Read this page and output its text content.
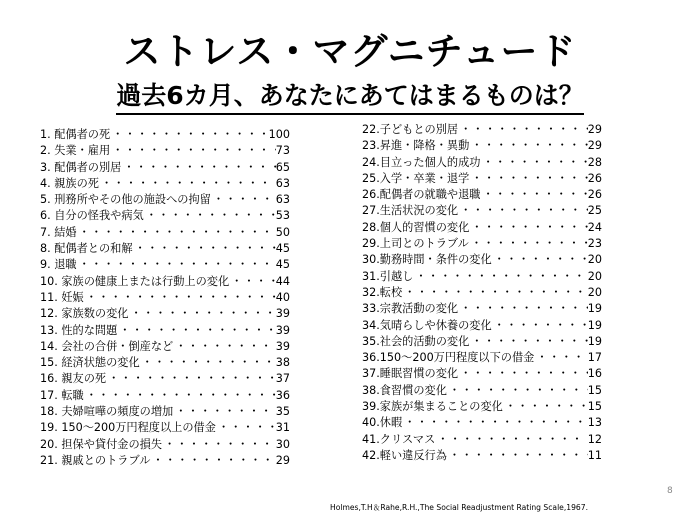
ストレス・マグニチュード
過去6カ月、あなたにあてはまるものは？
1. 配偶者の死 ・・・・・・・・・・・・・・・・・・・・・・・・・・・・・・・・・・・・・・・・	100
2. 失業・雇用 ・・・・・・・・・・・・・・・・・・・・・・・・・・・・・・・・・・・・・・・・	73
3. 配偶者の別居 ・・・・・・・・・・・・・・・・・・・・・・・・・・・・・・・・・・・・・・・・	65
4. 親族の死 ・・・・・・・・・・・・・・・・・・・・・・・・・・・・・・・・・・・・・・・・	63
5. 刑務所やその他の施設への拘留 ・・・・・・・・・・・・・・・・・・・・・・・・・・・・・・・・・・・・・・・・	63
6. 自分の怪我や病気 ・・・・・・・・・・・・・・・・・・・・・・・・・・・・・・・・・・・・・・・・	53
7. 結婚 ・・・・・・・・・・・・・・・・・・・・・・・・・・・・・・・・・・・・・・・・	50
8. 配偶者との和解 ・・・・・・・・・・・・・・・・・・・・・・・・・・・・・・・・・・・・・・・・	45
9. 退職 ・・・・・・・・・・・・・・・・・・・・・・・・・・・・・・・・・・・・・・・・	45
10. 家族の健康上または行動上の変化 ・・・・・・・・・・・・・・・・・・・・・・・・・・・・・・・・・・・・・・・・	44
11. 妊娠 ・・・・・・・・・・・・・・・・・・・・・・・・・・・・・・・・・・・・・・・・	40
12. 家族数の変化 ・・・・・・・・・・・・・・・・・・・・・・・・・・・・・・・・・・・・・・・・	39
13. 性的な問題 ・・・・・・・・・・・・・・・・・・・・・・・・・・・・・・・・・・・・・・・・	39
14. 会社の合併・倒産など ・・・・・・・・・・・・・・・・・・・・・・・・・・・・・・・・・・・・・・・・	39
15. 経済状態の変化 ・・・・・・・・・・・・・・・・・・・・・・・・・・・・・・・・・・・・・・・・	38
16. 親友の死 ・・・・・・・・・・・・・・・・・・・・・・・・・・・・・・・・・・・・・・・・	37
17. 転職 ・・・・・・・・・・・・・・・・・・・・・・・・・・・・・・・・・・・・・・・・	36
18. 夫婦喧嘩の頻度の増加 ・・・・・・・・・・・・・・・・・・・・・・・・・・・・・・・・・・・・・・・・	35
19. 150～200万円程度以上の借金 ・・・・・・・・・・・・・・・・・・・・・・・・・・・・・・・・・・・・・・・・	31
20. 担保や貸付金の損失 ・・・・・・・・・・・・・・・・・・・・・・・・・・・・・・・・・・・・・・・・	30
21. 親戚とのトラブル ・・・・・・・・・・・・・・・・・・・・・・・・・・・・・・・・・・・・・・・・	29
22.子どもとの別居 ・・・・・・・・・・・・・・・・・・・・・・・・・・・・・・・・・・・・・・・・	29
23.昇進・降格・異動 ・・・・・・・・・・・・・・・・・・・・・・・・・・・・・・・・・・・・・・・・	29
24.目立った個人的成功 ・・・・・・・・・・・・・・・・・・・・・・・・・・・・・・・・・・・・・・・・	28
25.入学・卒業・退学 ・・・・・・・・・・・・・・・・・・・・・・・・・・・・・・・・・・・・・・・・	26
26.配偶者の就職や退職 ・・・・・・・・・・・・・・・・・・・・・・・・・・・・・・・・・・・・・・・・	26
27.生活状況の変化 ・・・・・・・・・・・・・・・・・・・・・・・・・・・・・・・・・・・・・・・・	25
28.個人的習慣の変化 ・・・・・・・・・・・・・・・・・・・・・・・・・・・・・・・・・・・・・・・・	24
29.上司とのトラブル ・・・・・・・・・・・・・・・・・・・・・・・・・・・・・・・・・・・・・・・・	23
30.勤務時間・条件の変化 ・・・・・・・・・・・・・・・・・・・・・・・・・・・・・・・・・・・・・・・・	20
31.引越し ・・・・・・・・・・・・・・・・・・・・・・・・・・・・・・・・・・・・・・・・	20
32.転校 ・・・・・・・・・・・・・・・・・・・・・・・・・・・・・・・・・・・・・・・・	20
33.宗教活動の変化 ・・・・・・・・・・・・・・・・・・・・・・・・・・・・・・・・・・・・・・・・	19
34.気晴らしや休養の変化 ・・・・・・・・・・・・・・・・・・・・・・・・・・・・・・・・・・・・・・・・	19
35.社会的活動の変化 ・・・・・・・・・・・・・・・・・・・・・・・・・・・・・・・・・・・・・・・・	19
36.150～200万円程度以下の借金 ・・・・・・・・・・・・・・・・・・・・・・・・・・・・・・・・・・・・・・・・	17
37.睡眠習慣の変化 ・・・・・・・・・・・・・・・・・・・・・・・・・・・・・・・・・・・・・・・・	16
38.食習慣の変化 ・・・・・・・・・・・・・・・・・・・・・・・・・・・・・・・・・・・・・・・・	15
39.家族が集まることの変化 ・・・・・・・・・・・・・・・・・・・・・・・・・・・・・・・・・・・・・・・・	15
40.休暇 ・・・・・・・・・・・・・・・・・・・・・・・・・・・・・・・・・・・・・・・・	13
41.クリスマス ・・・・・・・・・・・・・・・・・・・・・・・・・・・・・・・・・・・・・・・・	12
42.軽い違反行為 ・・・・・・・・・・・・・・・・・・・・・・・・・・・・・・・・・・・・・・・・	11
8
Holmes,T.H＆Rahe,R.H.,The Social Readjustment Rating Scale,1967.
